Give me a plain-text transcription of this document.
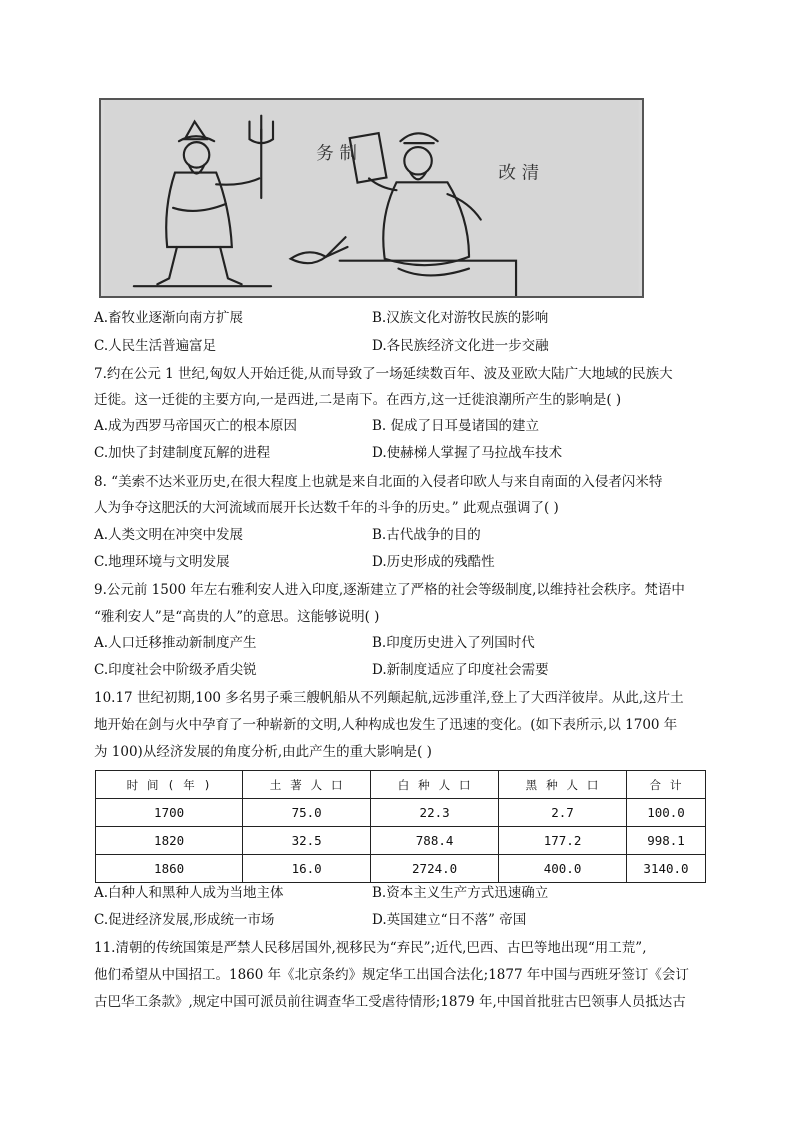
务 制
改 清
A.畜牧业逐渐向南方扩展	B.汉族文化对游牧民族的影响
C.人民生活普遍富足	D.各民族经济文化进一步交融
7.约在公元 1 世纪,匈奴人开始迁徙,从而导致了一场延续数百年、波及亚欧大陆广大地域的民族大
迁徙。这一迁徙的主要方向,一是西进,二是南下。在西方,这一迁徙浪潮所产生的影响是( )
A.成为西罗马帝国灭亡的根本原因	B. 促成了日耳曼诸国的建立
C.加快了封建制度瓦解的进程	D.使赫梯人掌握了马拉战车技术
8. “美索不达米亚历史,在很大程度上也就是来自北面的入侵者印欧人与来自南面的入侵者闪米特
人为争夺这肥沃的大河流域而展开长达数千年的斗争的历史。” 此观点强调了( )
A.人类文明在冲突中发展	B.古代战争的目的
C.地理环境与文明发展	D.历史形成的残酷性
9.公元前 1500 年左右雅利安人进入印度,逐渐建立了严格的社会等级制度,以维持社会秩序。梵语中
“雅利安人”是“高贵的人”的意思。这能够说明( )
A.人口迁移推动新制度产生	B.印度历史进入了列国时代
C.印度社会中阶级矛盾尖锐	D.新制度适应了印度社会需要
10.17 世纪初期,100 多名男子乘三艘帆船从不列颠起航,远涉重洋,登上了大西洋彼岸。从此,这片土
地开始在剑与火中孕育了一种崭新的文明,人种构成也发生了迅速的变化。(如下表所示,以 1700 年
为 100)从经济发展的角度分析,由此产生的重大影响是( )
时 间 ( 年 )	土 著 人 口	白 种 人 口	黑 种 人 口	合 计
1700	75.0	22.3	2.7	100.0
1820	32.5	788.4	177.2	998.1
1860	16.0	2724.0	400.0	3140.0
A.白种人和黑种人成为当地主体	B.资本主义生产方式迅速确立
C.促进经济发展,形成统一市场	D.英国建立“日不落” 帝国
11.清朝的传统国策是严禁人民移居国外,视移民为“弃民”;近代,巴西、古巴等地出现“用工荒”,
他们希望从中国招工。1860 年《北京条约》规定华工出国合法化;1877 年中国与西班牙签订《会订
古巴华工条款》,规定中国可派员前往调查华工受虐待情形;1879 年,中国首批驻古巴领事人员抵达古
